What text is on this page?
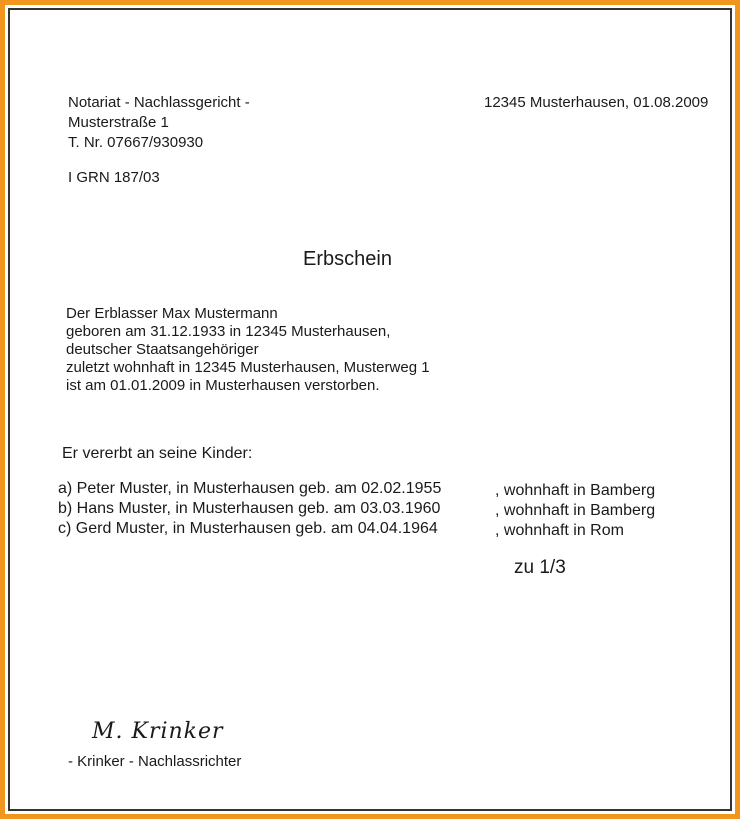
Notariat - Nachlassgericht -
Musterstraße 1
T. Nr. 07667/930930
12345 Musterhausen, 01.08.2009
I GRN 187/03
Erbschein
Der Erblasser Max Mustermann
geboren am 31.12.1933 in 12345 Musterhausen,
deutscher Staatsangehöriger
zuletzt wohnhaft in 12345 Musterhausen, Musterweg 1
ist am 01.01.2009 in Musterhausen verstorben.
Er vererbt an seine Kinder:
a) Peter Muster, in Musterhausen geb. am 02.02.1955	, wohnhaft in Bamberg
b) Hans Muster, in Musterhausen geb. am 03.03.1960	, wohnhaft in Bamberg
c) Gerd Muster, in Musterhausen geb. am 04.04.1964	, wohnhaft in Rom
zu 1/3
M. Krinker
- Krinker - Nachlassrichter
